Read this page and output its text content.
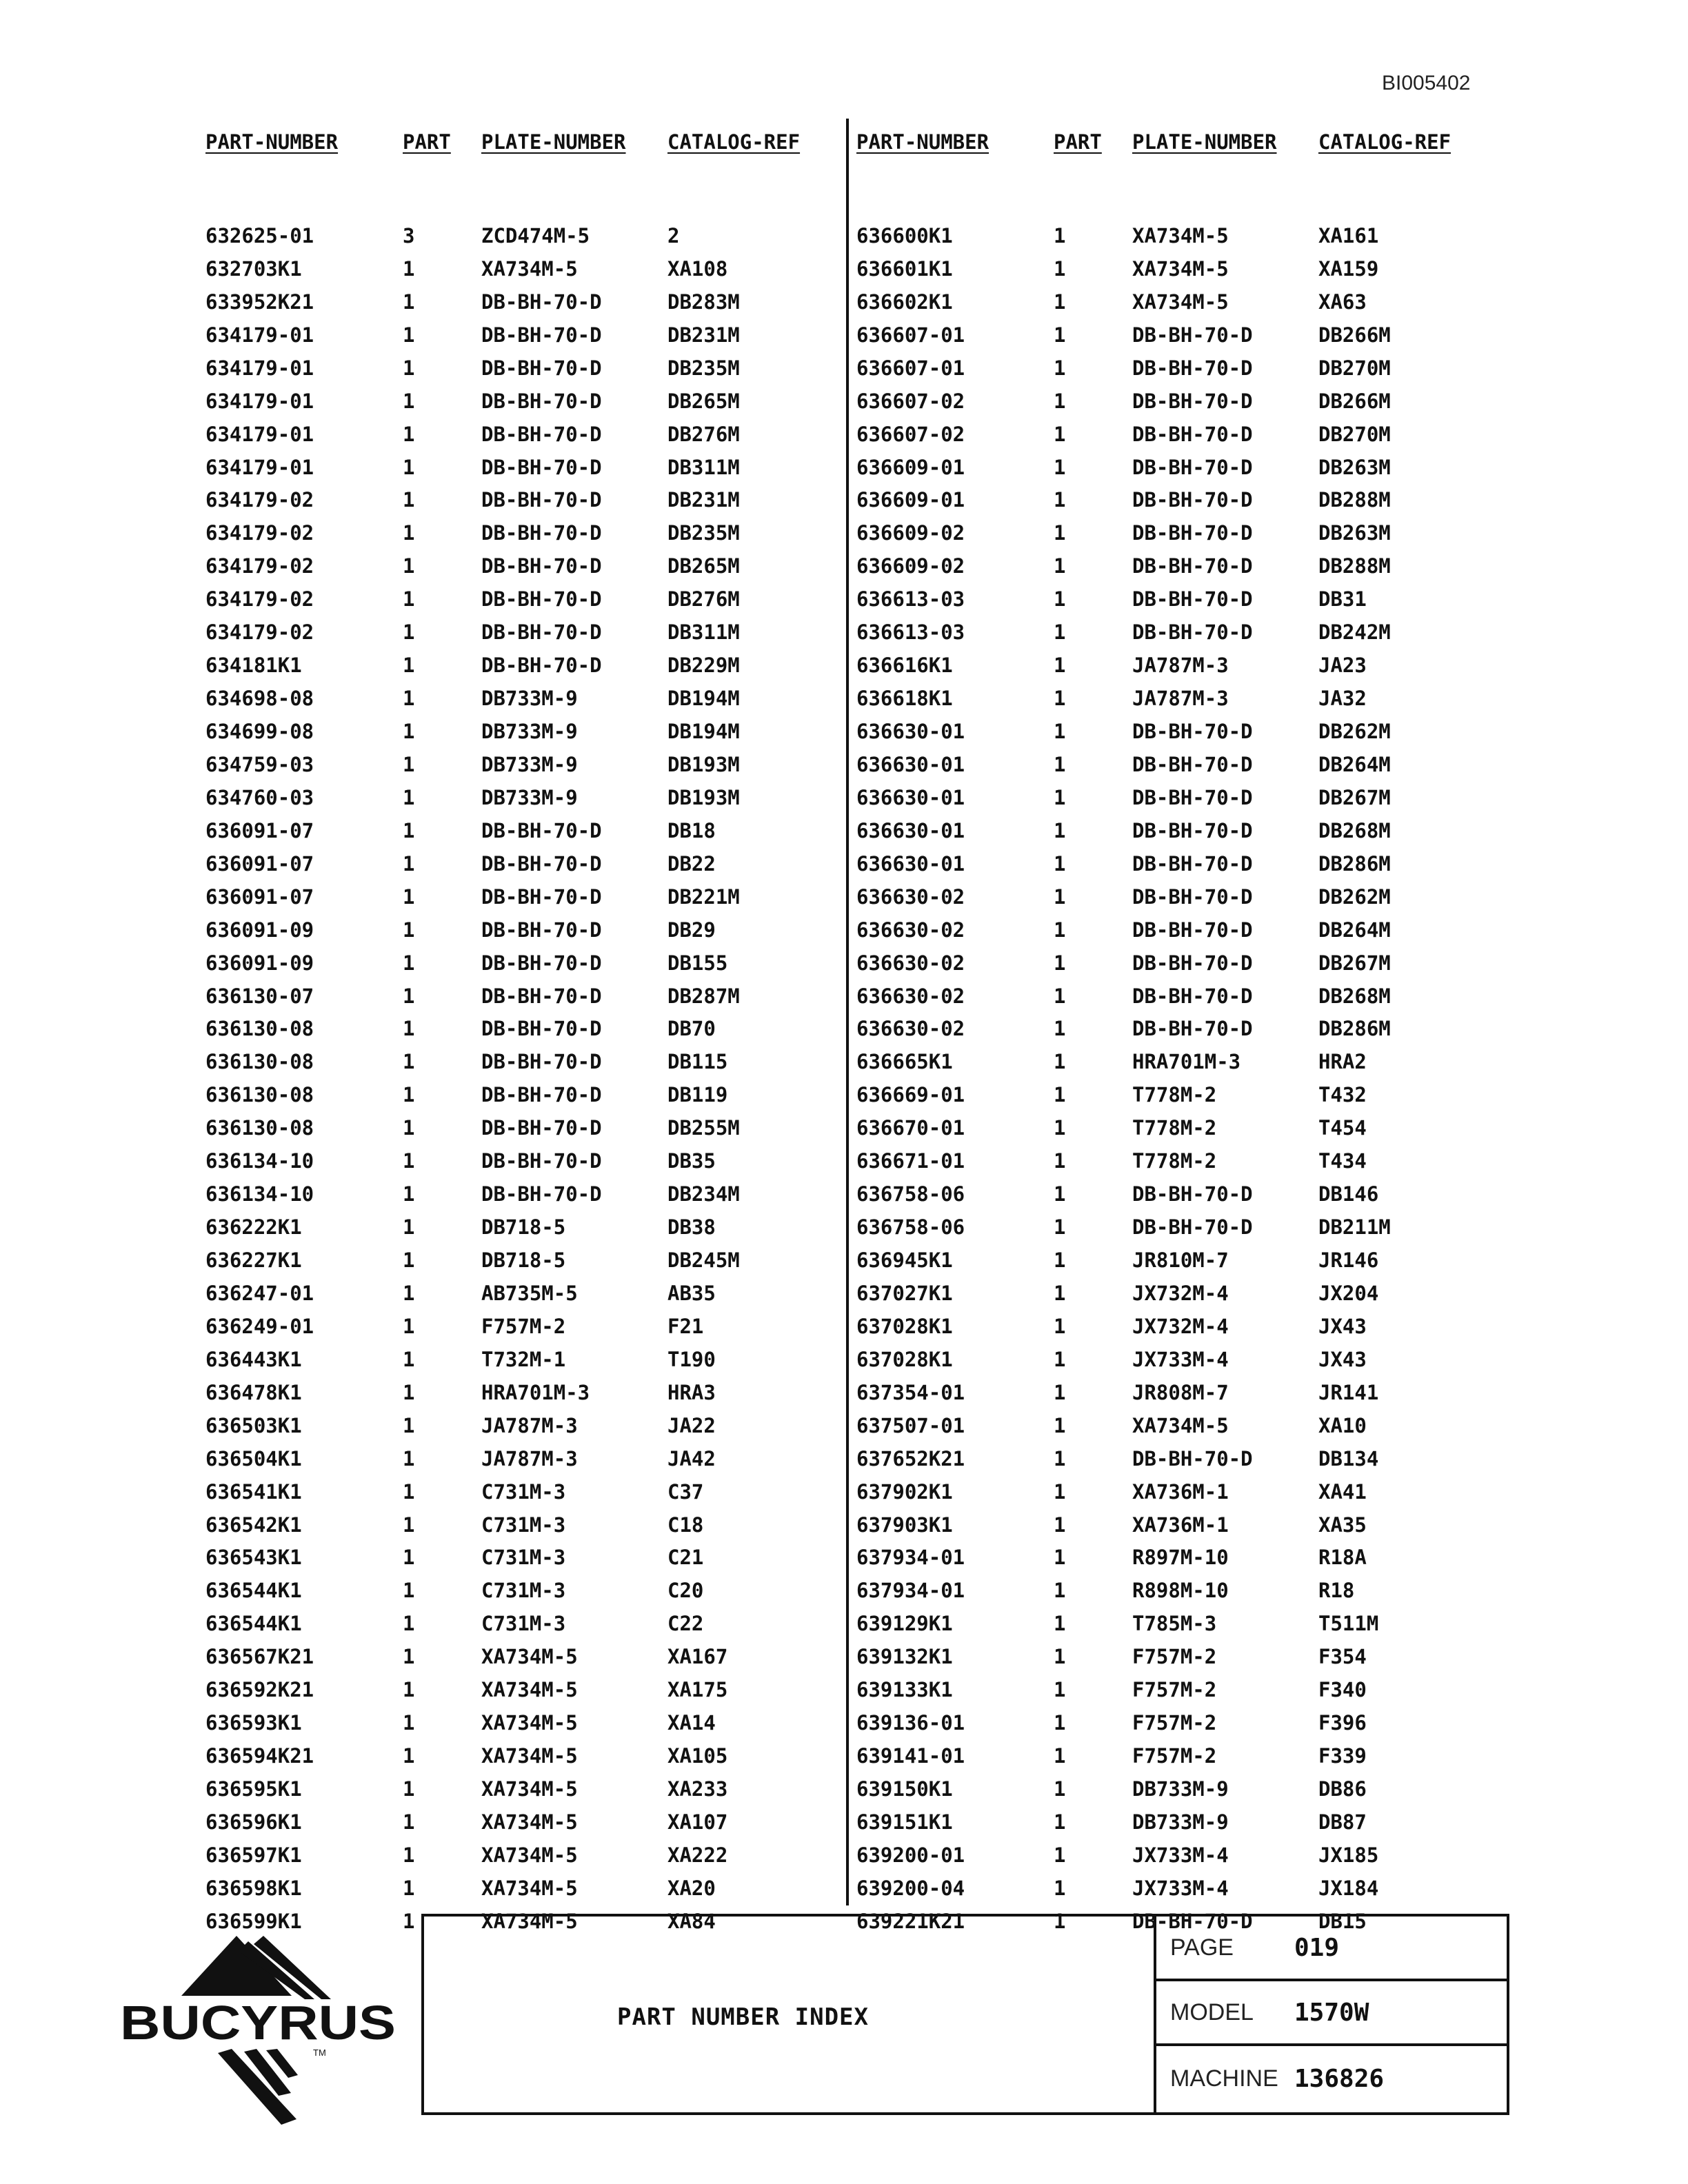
BI005402
PART-NUMBER	PART	PLATE-NUMBER	CATALOG-REF
632625-01	3	ZCD474M-5	2
632703K1	1	XA734M-5	XA108
633952K21	1	DB-BH-70-D	DB283M
634179-01	1	DB-BH-70-D	DB231M
634179-01	1	DB-BH-70-D	DB235M
634179-01	1	DB-BH-70-D	DB265M
634179-01	1	DB-BH-70-D	DB276M
634179-01	1	DB-BH-70-D	DB311M
634179-02	1	DB-BH-70-D	DB231M
634179-02	1	DB-BH-70-D	DB235M
634179-02	1	DB-BH-70-D	DB265M
634179-02	1	DB-BH-70-D	DB276M
634179-02	1	DB-BH-70-D	DB311M
634181K1	1	DB-BH-70-D	DB229M
634698-08	1	DB733M-9	DB194M
634699-08	1	DB733M-9	DB194M
634759-03	1	DB733M-9	DB193M
634760-03	1	DB733M-9	DB193M
636091-07	1	DB-BH-70-D	DB18
636091-07	1	DB-BH-70-D	DB22
636091-07	1	DB-BH-70-D	DB221M
636091-09	1	DB-BH-70-D	DB29
636091-09	1	DB-BH-70-D	DB155
636130-07	1	DB-BH-70-D	DB287M
636130-08	1	DB-BH-70-D	DB70
636130-08	1	DB-BH-70-D	DB115
636130-08	1	DB-BH-70-D	DB119
636130-08	1	DB-BH-70-D	DB255M
636134-10	1	DB-BH-70-D	DB35
636134-10	1	DB-BH-70-D	DB234M
636222K1	1	DB718-5	DB38
636227K1	1	DB718-5	DB245M
636247-01	1	AB735M-5	AB35
636249-01	1	F757M-2	F21
636443K1	1	T732M-1	T190
636478K1	1	HRA701M-3	HRA3
636503K1	1	JA787M-3	JA22
636504K1	1	JA787M-3	JA42
636541K1	1	C731M-3	C37
636542K1	1	C731M-3	C18
636543K1	1	C731M-3	C21
636544K1	1	C731M-3	C20
636544K1	1	C731M-3	C22
636567K21	1	XA734M-5	XA167
636592K21	1	XA734M-5	XA175
636593K1	1	XA734M-5	XA14
636594K21	1	XA734M-5	XA105
636595K1	1	XA734M-5	XA233
636596K1	1	XA734M-5	XA107
636597K1	1	XA734M-5	XA222
636598K1	1	XA734M-5	XA20
636599K1	1	XA734M-5	XA84
PART-NUMBER	PART	PLATE-NUMBER	CATALOG-REF
636600K1	1	XA734M-5	XA161
636601K1	1	XA734M-5	XA159
636602K1	1	XA734M-5	XA63
636607-01	1	DB-BH-70-D	DB266M
636607-01	1	DB-BH-70-D	DB270M
636607-02	1	DB-BH-70-D	DB266M
636607-02	1	DB-BH-70-D	DB270M
636609-01	1	DB-BH-70-D	DB263M
636609-01	1	DB-BH-70-D	DB288M
636609-02	1	DB-BH-70-D	DB263M
636609-02	1	DB-BH-70-D	DB288M
636613-03	1	DB-BH-70-D	DB31
636613-03	1	DB-BH-70-D	DB242M
636616K1	1	JA787M-3	JA23
636618K1	1	JA787M-3	JA32
636630-01	1	DB-BH-70-D	DB262M
636630-01	1	DB-BH-70-D	DB264M
636630-01	1	DB-BH-70-D	DB267M
636630-01	1	DB-BH-70-D	DB268M
636630-01	1	DB-BH-70-D	DB286M
636630-02	1	DB-BH-70-D	DB262M
636630-02	1	DB-BH-70-D	DB264M
636630-02	1	DB-BH-70-D	DB267M
636630-02	1	DB-BH-70-D	DB268M
636630-02	1	DB-BH-70-D	DB286M
636665K1	1	HRA701M-3	HRA2
636669-01	1	T778M-2	T432
636670-01	1	T778M-2	T454
636671-01	1	T778M-2	T434
636758-06	1	DB-BH-70-D	DB146
636758-06	1	DB-BH-70-D	DB211M
636945K1	1	JR810M-7	JR146
637027K1	1	JX732M-4	JX204
637028K1	1	JX732M-4	JX43
637028K1	1	JX733M-4	JX43
637354-01	1	JR808M-7	JR141
637507-01	1	XA734M-5	XA10
637652K21	1	DB-BH-70-D	DB134
637902K1	1	XA736M-1	XA41
637903K1	1	XA736M-1	XA35
637934-01	1	R897M-10	R18A
637934-01	1	R898M-10	R18
639129K1	1	T785M-3	T511M
639132K1	1	F757M-2	F354
639133K1	1	F757M-2	F340
639136-01	1	F757M-2	F396
639141-01	1	F757M-2	F339
639150K1	1	DB733M-9	DB86
639151K1	1	DB733M-9	DB87
639200-01	1	JX733M-4	JX185
639200-04	1	JX733M-4	JX184
639221K21	1	DB-BH-70-D	DB15
BUCYRUS
TM
PART NUMBER INDEX
PAGE	019
MODEL	1570W
MACHINE 136826
